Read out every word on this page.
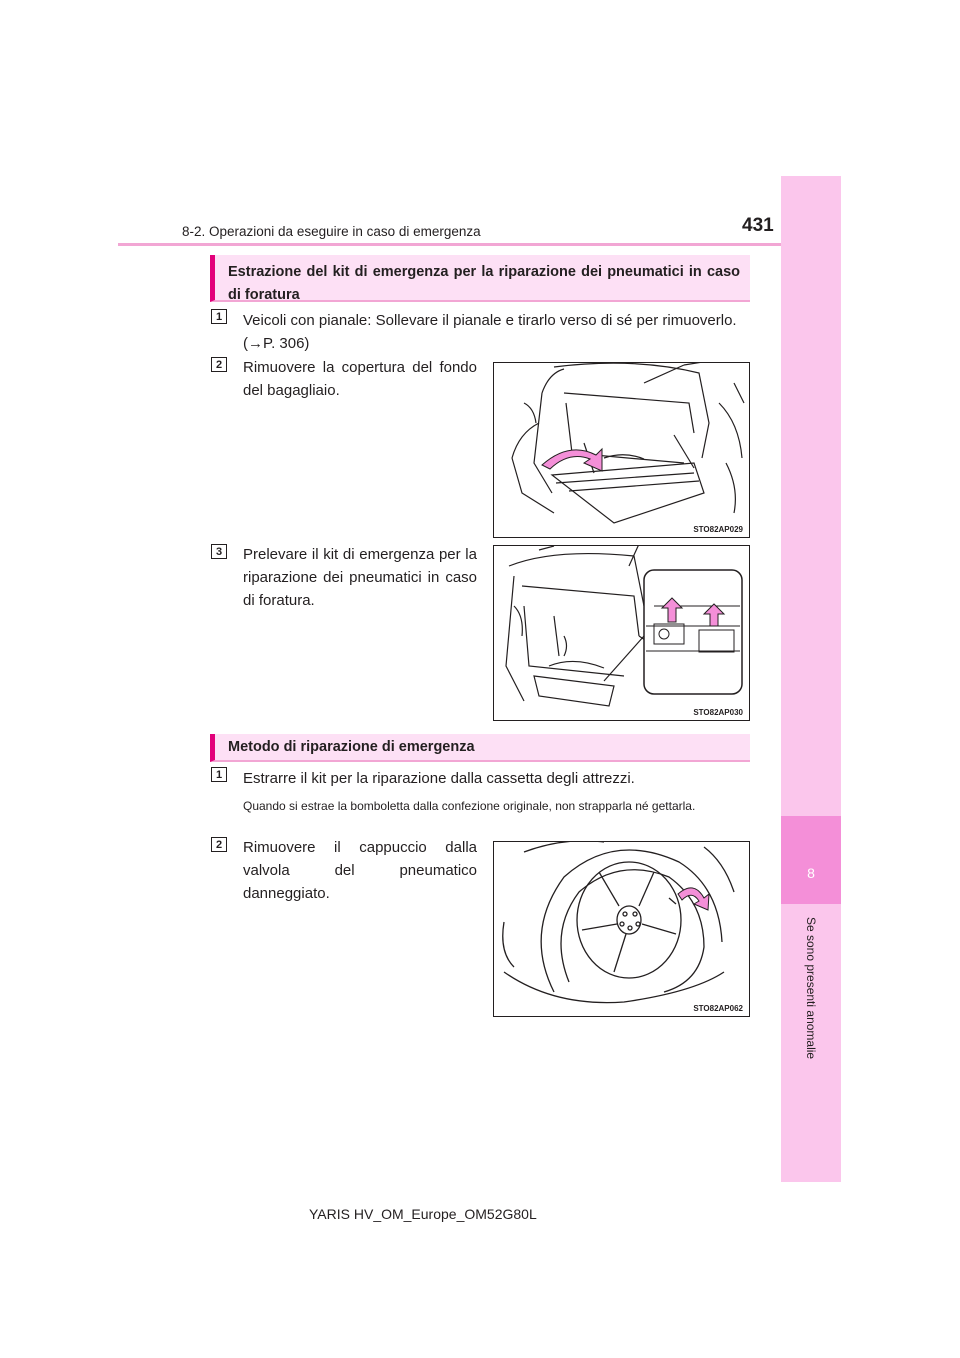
8-2. Operazioni da eseguire in caso di emergenza	431
8
Se sono presenti anomalie
Estrazione del kit di emergenza per la riparazione dei pneumatici in caso di foratura
1	Veicoli con pianale: Sollevare il pianale e tirarlo verso di sé per rimuoverlo.
(→P. 306)
2	Rimuovere la copertura del fondo del bagagliaio.
STO82AP029
3	Prelevare il kit di emergenza per la riparazione dei pneumatici in caso di foratura.
STO82AP030
Metodo di riparazione di emergenza
1	Estrarre il kit per la riparazione dalla cassetta degli attrezzi.
Quando si estrae la bomboletta dalla confezione originale, non strapparla né gettarla.
2	Rimuovere il cappuccio dalla valvola del pneumatico danneggiato.
STO82AP062
YARIS HV_OM_Europe_OM52G80L
